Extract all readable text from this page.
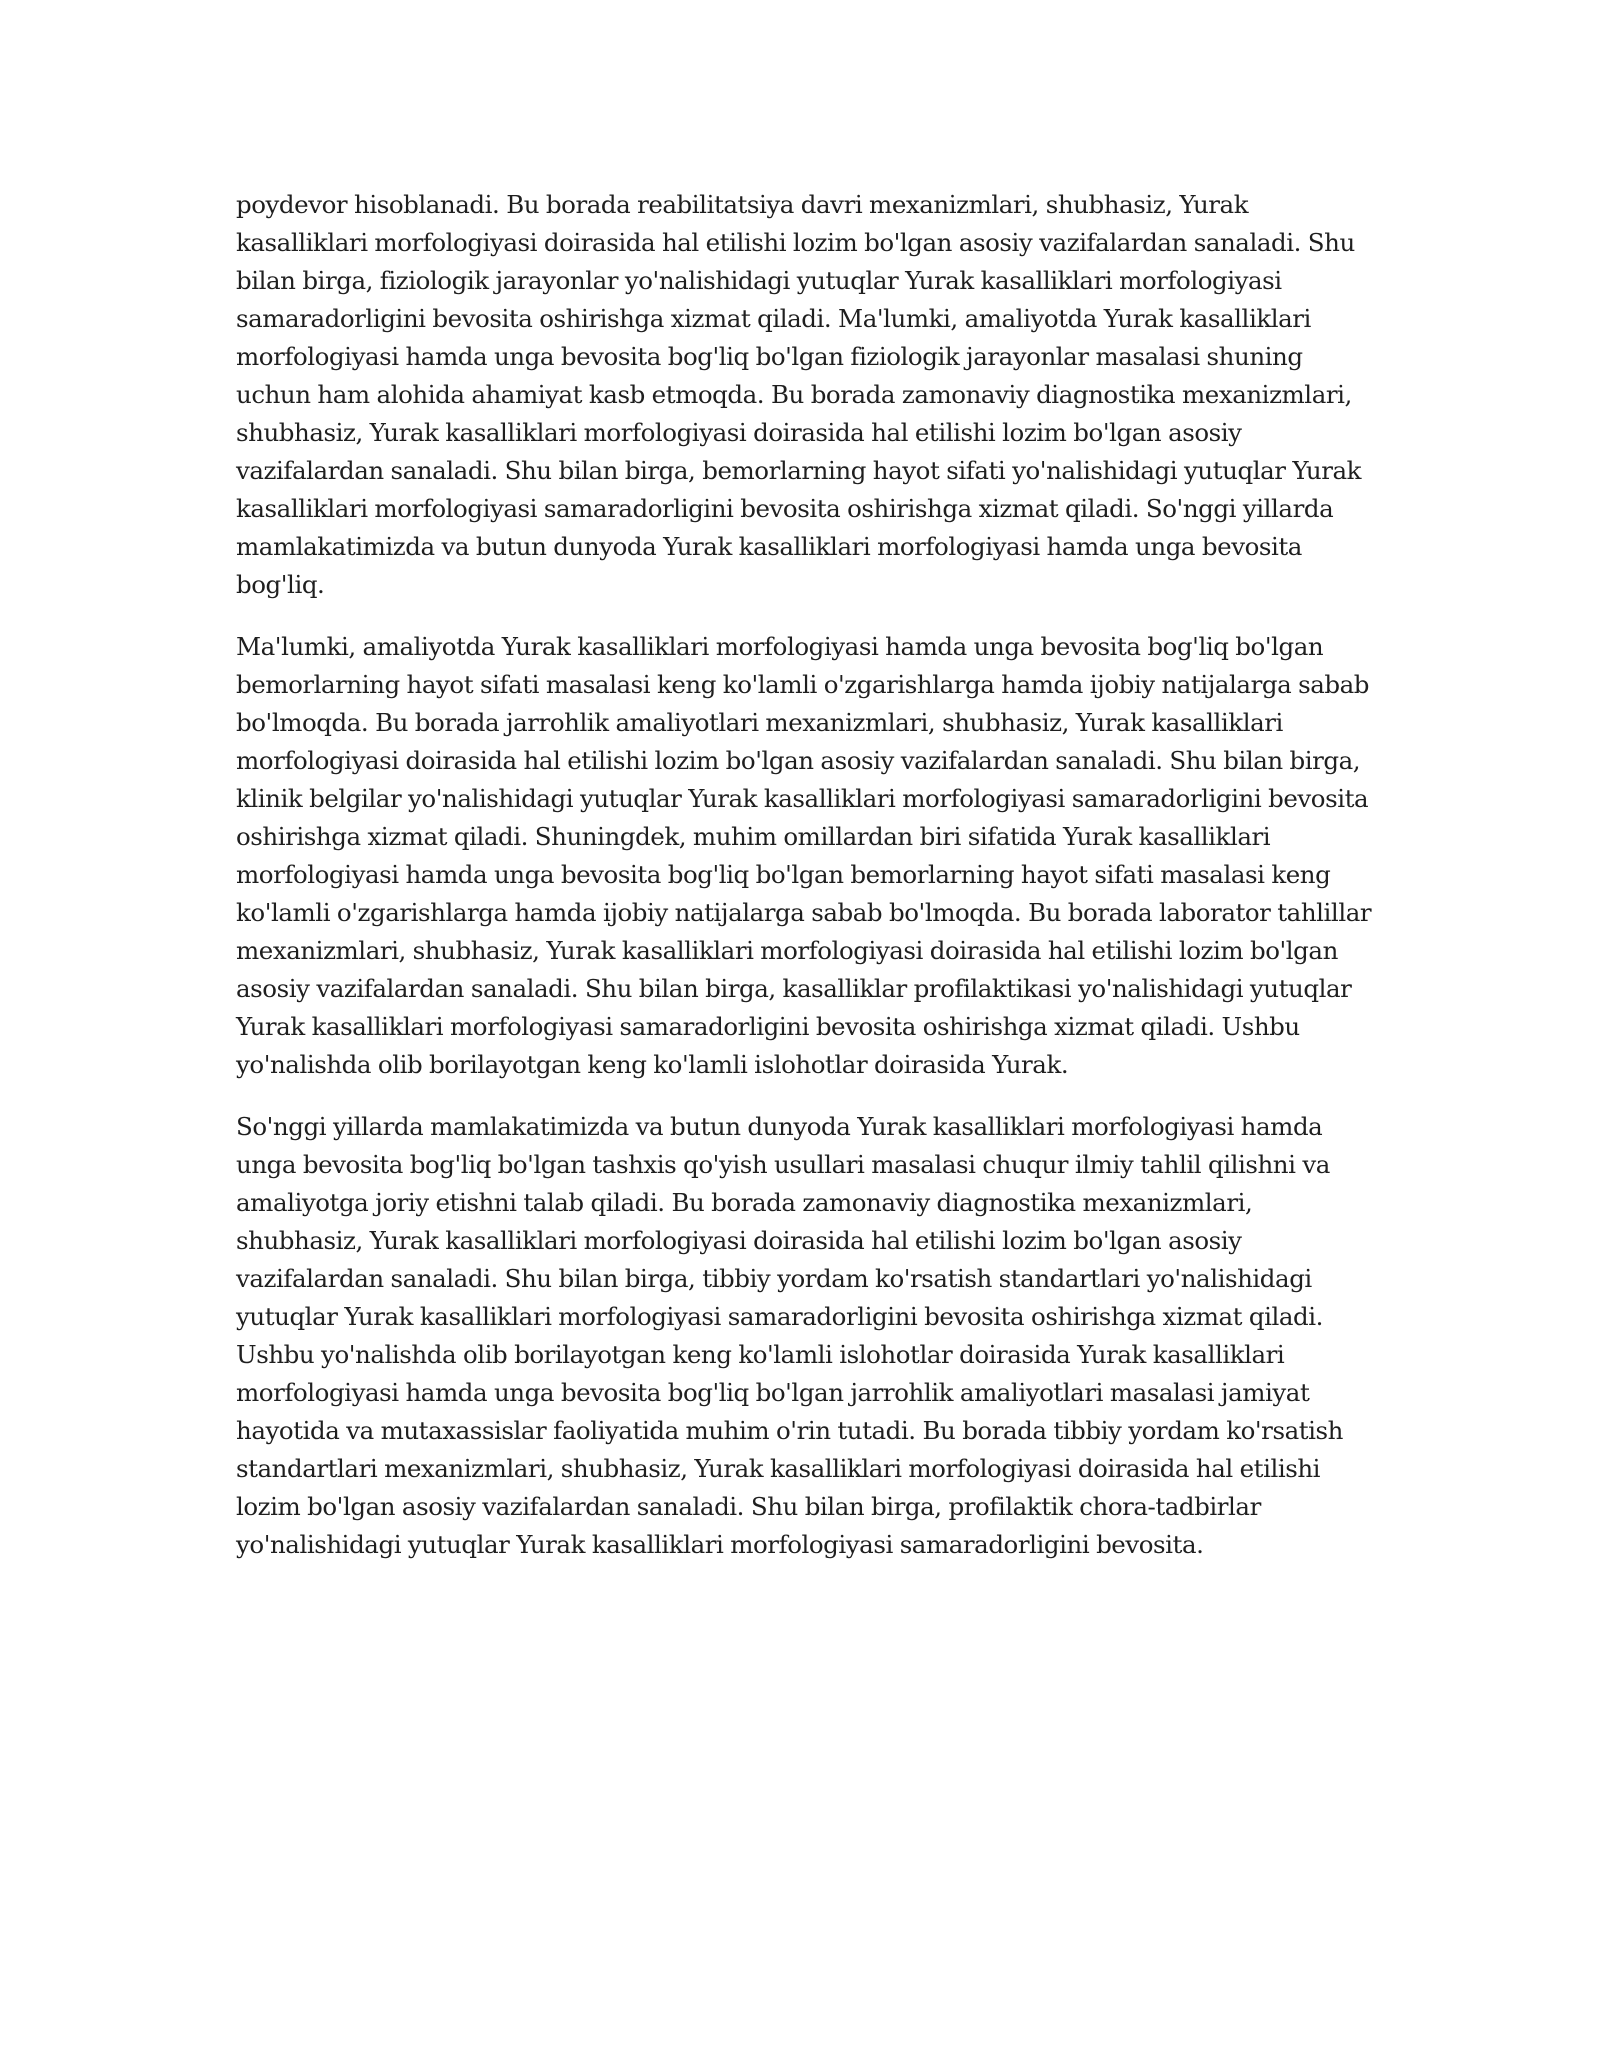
poydevor hisoblanadi. Bu borada reabilitatsiya davri mexanizmlari, shubhasiz, Yurak kasalliklari morfologiyasi doirasida hal etilishi lozim bo'lgan asosiy vazifalardan sanaladi. Shu bilan birga, fiziologik jarayonlar yo'nalishidagi yutuqlar Yurak kasalliklari morfologiyasi samaradorligini bevosita oshirishga xizmat qiladi. Ma'lumki, amaliyotda Yurak kasalliklari morfologiyasi hamda unga bevosita bog'liq bo'lgan fiziologik jarayonlar masalasi shuning uchun ham alohida ahamiyat kasb etmoqda. Bu borada zamonaviy diagnostika mexanizmlari, shubhasiz, Yurak kasalliklari morfologiyasi doirasida hal etilishi lozim bo'lgan asosiy vazifalardan sanaladi. Shu bilan birga, bemorlarning hayot sifati yo'nalishidagi yutuqlar Yurak kasalliklari morfologiyasi samaradorligini bevosita oshirishga xizmat qiladi. So'nggi yillarda mamlakatimizda va butun dunyoda Yurak kasalliklari morfologiyasi hamda unga bevosita bog'liq.

Ma'lumki, amaliyotda Yurak kasalliklari morfologiyasi hamda unga bevosita bog'liq bo'lgan bemorlarning hayot sifati masalasi keng ko'lamli o'zgarishlarga hamda ijobiy natijalarga sabab bo'lmoqda. Bu borada jarrohlik amaliyotlari mexanizmlari, shubhasiz, Yurak kasalliklari morfologiyasi doirasida hal etilishi lozim bo'lgan asosiy vazifalardan sanaladi. Shu bilan birga, klinik belgilar yo'nalishidagi yutuqlar Yurak kasalliklari morfologiyasi samaradorligini bevosita oshirishga xizmat qiladi. Shuningdek, muhim omillardan biri sifatida Yurak kasalliklari morfologiyasi hamda unga bevosita bog'liq bo'lgan bemorlarning hayot sifati masalasi keng ko'lamli o'zgarishlarga hamda ijobiy natijalarga sabab bo'lmoqda. Bu borada laborator tahlillar mexanizmlari, shubhasiz, Yurak kasalliklari morfologiyasi doirasida hal etilishi lozim bo'lgan asosiy vazifalardan sanaladi. Shu bilan birga, kasalliklar profilaktikasi yo'nalishidagi yutuqlar Yurak kasalliklari morfologiyasi samaradorligini bevosita oshirishga xizmat qiladi. Ushbu yo'nalishda olib borilayotgan keng ko'lamli islohotlar doirasida Yurak.

So'nggi yillarda mamlakatimizda va butun dunyoda Yurak kasalliklari morfologiyasi hamda unga bevosita bog'liq bo'lgan tashxis qo'yish usullari masalasi chuqur ilmiy tahlil qilishni va amaliyotga joriy etishni talab qiladi. Bu borada zamonaviy diagnostika mexanizmlari, shubhasiz, Yurak kasalliklari morfologiyasi doirasida hal etilishi lozim bo'lgan asosiy vazifalardan sanaladi. Shu bilan birga, tibbiy yordam ko'rsatish standartlari yo'nalishidagi yutuqlar Yurak kasalliklari morfologiyasi samaradorligini bevosita oshirishga xizmat qiladi. Ushbu yo'nalishda olib borilayotgan keng ko'lamli islohotlar doirasida Yurak kasalliklari morfologiyasi hamda unga bevosita bog'liq bo'lgan jarrohlik amaliyotlari masalasi jamiyat hayotida va mutaxassislar faoliyatida muhim o'rin tutadi. Bu borada tibbiy yordam ko'rsatish standartlari mexanizmlari, shubhasiz, Yurak kasalliklari morfologiyasi doirasida hal etilishi lozim bo'lgan asosiy vazifalardan sanaladi. Shu bilan birga, profilaktik chora-tadbirlar yo'nalishidagi yutuqlar Yurak kasalliklari morfologiyasi samaradorligini bevosita.
